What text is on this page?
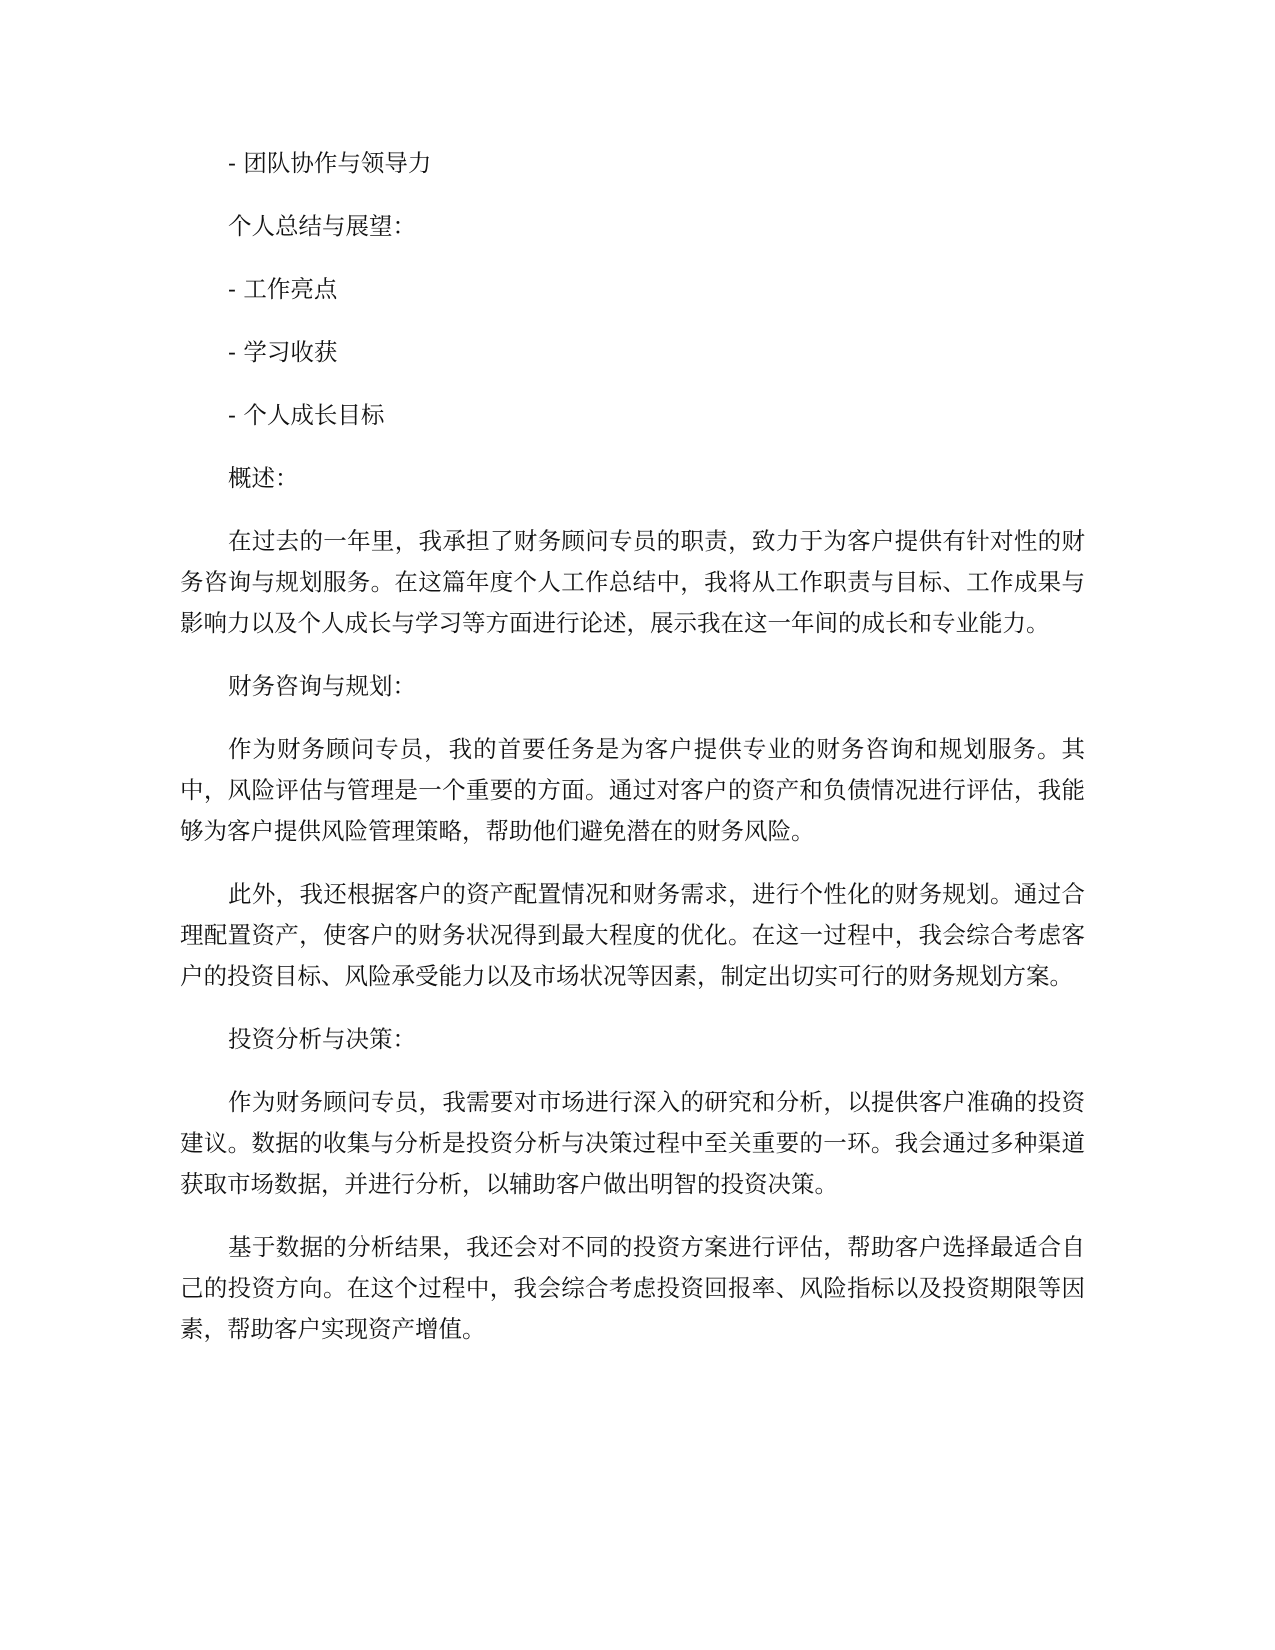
- 团队协作与领导力
个人总结与展望：
- 工作亮点
- 学习收获
- 个人成长目标
概述：

在过去的一年里，我承担了财务顾问专员的职责，致力于为客户提供有针对性的财务咨询与规划服务。在这篇年度个人工作总结中，我将从工作职责与目标、工作成果与影响力以及个人成长与学习等方面进行论述，展示我在这一年间的成长和专业能力。

财务咨询与规划：

作为财务顾问专员，我的首要任务是为客户提供专业的财务咨询和规划服务。其中，风险评估与管理是一个重要的方面。通过对客户的资产和负债情况进行评估，我能够为客户提供风险管理策略，帮助他们避免潜在的财务风险。

此外，我还根据客户的资产配置情况和财务需求，进行个性化的财务规划。通过合理配置资产，使客户的财务状况得到最大程度的优化。在这一过程中，我会综合考虑客户的投资目标、风险承受能力以及市场状况等因素，制定出切实可行的财务规划方案。

投资分析与决策：

作为财务顾问专员，我需要对市场进行深入的研究和分析，以提供客户准确的投资建议。数据的收集与分析是投资分析与决策过程中至关重要的一环。我会通过多种渠道获取市场数据，并进行分析，以辅助客户做出明智的投资决策。

基于数据的分析结果，我还会对不同的投资方案进行评估，帮助客户选择最适合自己的投资方向。在这个过程中，我会综合考虑投资回报率、风险指标以及投资期限等因素，帮助客户实现资产增值。
